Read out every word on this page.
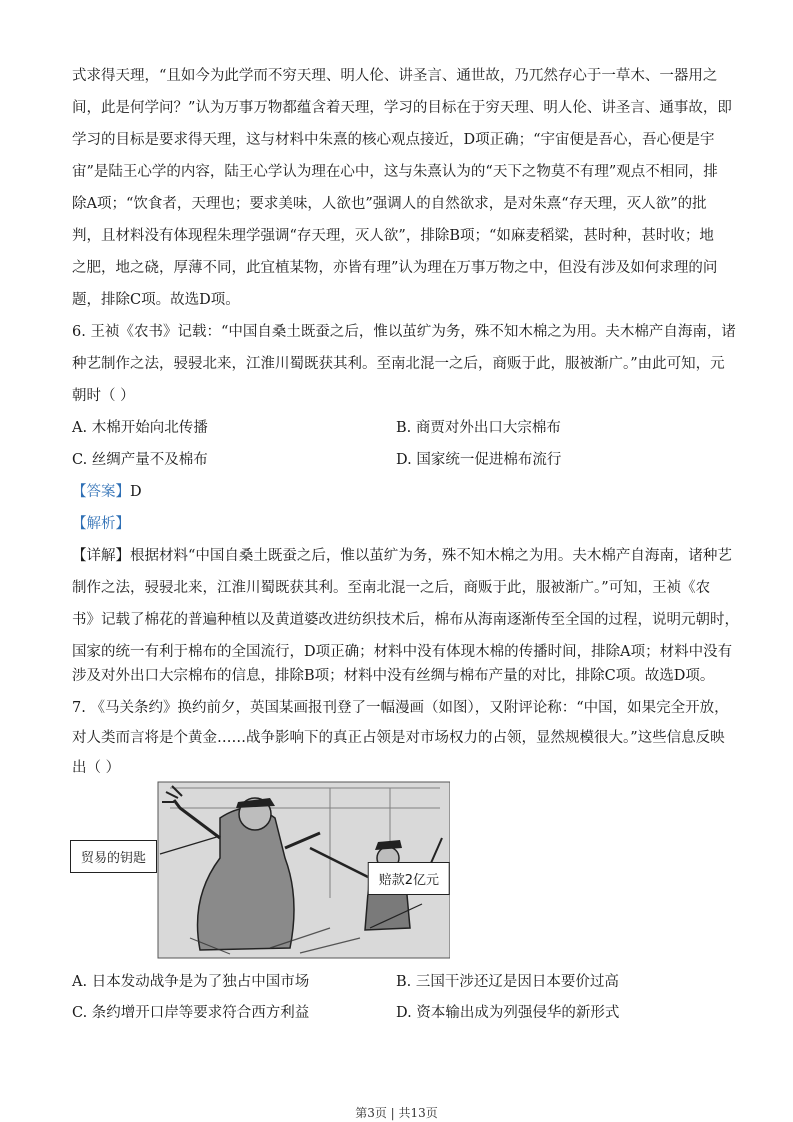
式求得天理，“且如今为此学而不穷天理、明人伦、讲圣言、通世故，乃兀然存心于一草木、一器用之
间，此是何学问？”认为万事万物都蕴含着天理，学习的目标在于穷天理、明人伦、讲圣言、通事故，即
学习的目标是要求得天理，这与材料中朱熹的核心观点接近，D项正确；“宇宙便是吾心，吾心便是宇
宙”是陆王心学的内容，陆王心学认为理在心中，这与朱熹认为的“天下之物莫不有理”观点不相同，排
除A项；“饮食者，天理也；要求美味，人欲也”强调人的自然欲求，是对朱熹“存天理，灭人欲”的批
判，且材料没有体现程朱理学强调“存天理，灭人欲”，排除B项；“如麻麦稻粱，甚时种，甚时收；地
之肥，地之硗，厚薄不同，此宜植某物，亦皆有理”认为理在万事万物之中，但没有涉及如何求理的问
题，排除C项。故选D项。
6. 王祯《农书》记载：“中国自桑土既蚕之后，惟以茧纩为务，殊不知木棉之为用。夫木棉产自海南，诸
种艺制作之法，骎骎北来，江淮川蜀既获其利。至南北混一之后，商贩于此，服被渐广。”由此可知，元
朝时（ ）
A. 木棉开始向北传播	B. 商贾对外出口大宗棉布
C. 丝绸产量不及棉布	D. 国家统一促进棉布流行
【答案】D
【解析】
【详解】根据材料“中国自桑土既蚕之后，惟以茧纩为务，殊不知木棉之为用。夫木棉产自海南，诸种艺
制作之法，骎骎北来，江淮川蜀既获其利。至南北混一之后，商贩于此，服被渐广。”可知，王祯《农
书》记载了棉花的普遍种植以及黄道婆改进纺织技术后，棉布从海南逐渐传至全国的过程，说明元朝时，
国家的统一有利于棉布的全国流行，D项正确；材料中没有体现木棉的传播时间，排除A项；材料中没有
涉及对外出口大宗棉布的信息，排除B项；材料中没有丝绸与棉布产量的对比，排除C项。故选D项。
7. 《马关条约》换约前夕，英国某画报刊登了一幅漫画（如图），又附评论称：“中国，如果完全开放，
对人类而言将是个黄金……战争影响下的真正占领是对市场权力的占领，显然规模很大。”这些信息反映
出（ ）
贸易的钥匙
赔款2亿元
A. 日本发动战争是为了独占中国市场	B. 三国干涉还辽是因日本要价过高
C. 条约增开口岸等要求符合西方利益	D. 资本输出成为列强侵华的新形式
第3页 | 共13页
